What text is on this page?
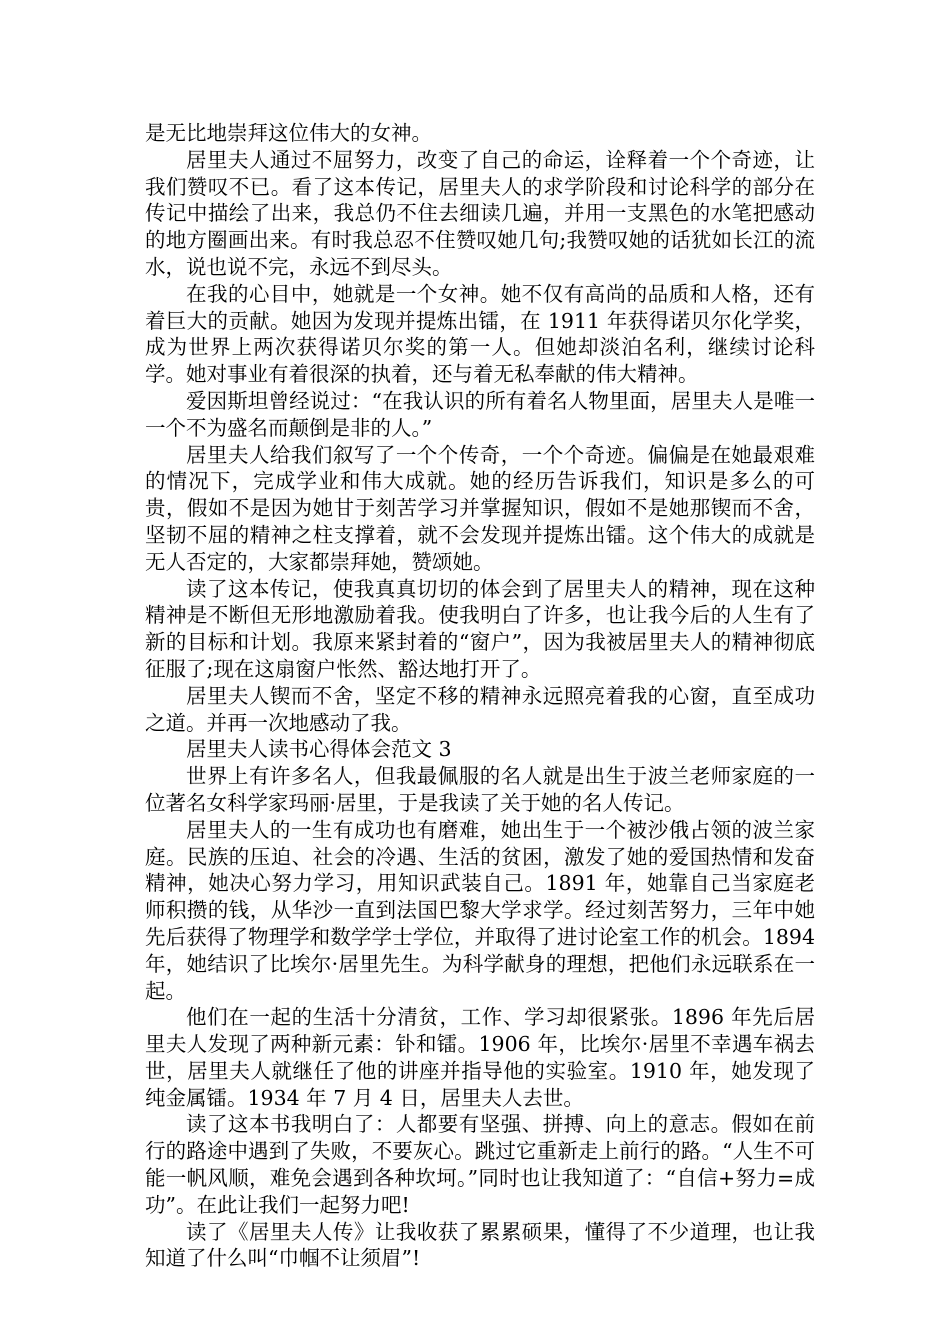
是无比地崇拜这位伟大的女神。

居里夫人通过不屈努力，改变了自己的命运，诠释着一个个奇迹，让我们赞叹不已。看了这本传记，居里夫人的求学阶段和讨论科学的部分在传记中描绘了出来，我总仍不住去细读几遍，并用一支黑色的水笔把感动的地方圈画出来。有时我总忍不住赞叹她几句;我赞叹她的话犹如长江的流水，说也说不完，永远不到尽头。

在我的心目中，她就是一个女神。她不仅有高尚的品质和人格，还有着巨大的贡献。她因为发现并提炼出镭，在 1911 年获得诺贝尔化学奖，成为世界上两次获得诺贝尔奖的第一人。但她却淡泊名利，继续讨论科学。她对事业有着很深的执着，还与着无私奉献的伟大精神。

爱因斯坦曾经说过：“在我认识的所有着名人物里面，居里夫人是唯一一个不为盛名而颠倒是非的人。”

居里夫人给我们叙写了一个个传奇，一个个奇迹。偏偏是在她最艰难的情况下，完成学业和伟大成就。她的经历告诉我们，知识是多么的可贵，假如不是因为她甘于刻苦学习并掌握知识，假如不是她那锲而不舍，坚韧不屈的精神之柱支撑着，就不会发现并提炼出镭。这个伟大的成就是无人否定的，大家都崇拜她，赞颂她。

读了这本传记，使我真真切切的体会到了居里夫人的精神，现在这种精神是不断但无形地激励着我。使我明白了许多，也让我今后的人生有了新的目标和计划。我原来紧封着的“窗户”，因为我被居里夫人的精神彻底征服了;现在这扇窗户怅然、豁达地打开了。

居里夫人锲而不舍，坚定不移的精神永远照亮着我的心窗，直至成功之道。并再一次地感动了我。

居里夫人读书心得体会范文 3

世界上有许多名人，但我最佩服的名人就是出生于波兰老师家庭的一位著名女科学家玛丽·居里，于是我读了关于她的名人传记。

居里夫人的一生有成功也有磨难，她出生于一个被沙俄占领的波兰家庭。民族的压迫、社会的冷遇、生活的贫困，激发了她的爱国热情和发奋精神，她决心努力学习，用知识武装自己。1891 年，她靠自己当家庭老师积攒的钱，从华沙一直到法国巴黎大学求学。经过刻苦努力，三年中她先后获得了物理学和数学学士学位，并取得了进讨论室工作的机会。1894 年，她结识了比埃尔·居里先生。为科学献身的理想，把他们永远联系在一起。

他们在一起的生活十分清贫，工作、学习却很紧张。1896 年先后居里夫人发现了两种新元素：钋和镭。1906 年，比埃尔·居里不幸遇车祸去世，居里夫人就继任了他的讲座并指导他的实验室。1910 年，她发现了纯金属镭。1934 年 7 月 4 日，居里夫人去世。

读了这本书我明白了：人都要有坚强、拼搏、向上的意志。假如在前行的路途中遇到了失败，不要灰心。跳过它重新走上前行的路。“人生不可能一帆风顺，难免会遇到各种坎坷。”同时也让我知道了：“自信+努力=成功”。在此让我们一起努力吧!

读了《居里夫人传》让我收获了累累硕果，懂得了不少道理，也让我知道了什么叫“巾帼不让须眉”!
